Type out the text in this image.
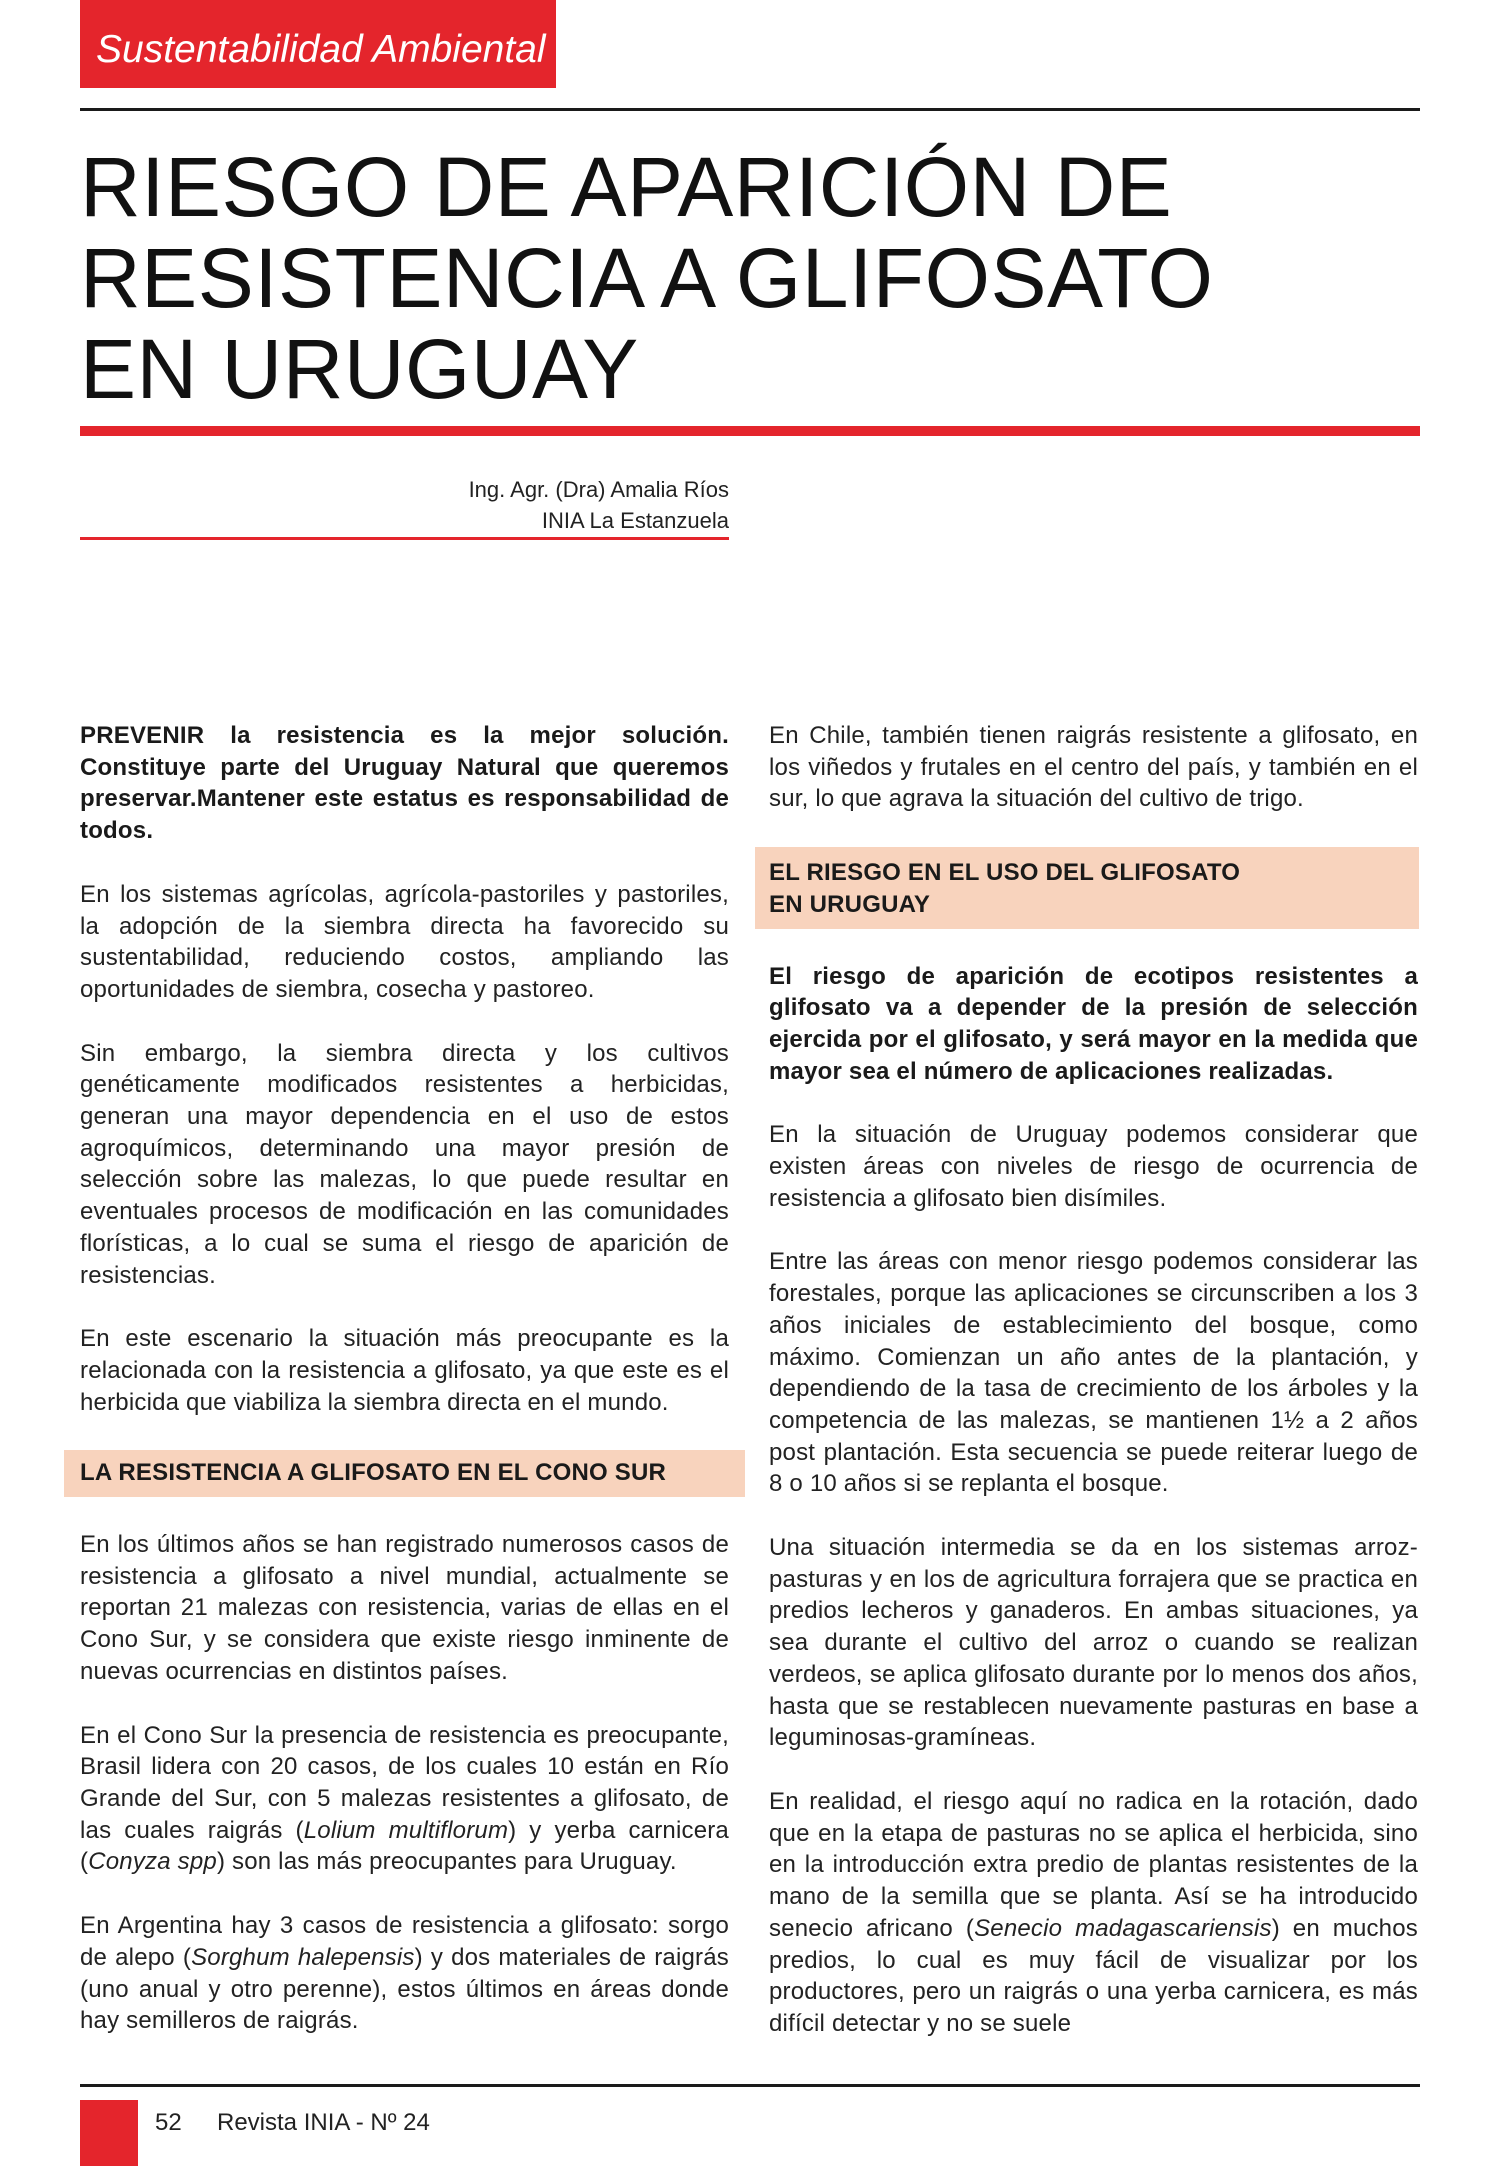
Sustentabilidad Ambiental
RIESGO DE APARICIÓN DE
RESISTENCIA A GLIFOSATO
EN URUGUAY
Ing. Agr. (Dra) Amalia Ríos
INIA La Estanzuela

PREVENIR la resistencia es la mejor solución. Constituye parte del Uruguay Natural que queremos preservar.Mantener este estatus es responsabilidad de todos.

En los sistemas agrícolas, agrícola-pastoriles y pastoriles, la adopción de la siembra directa ha favorecido su sustentabilidad, reduciendo costos, ampliando las oportunidades de siembra, cosecha y pastoreo.

Sin embargo, la siembra directa y los cultivos genéticamente modificados resistentes a herbicidas, generan una mayor dependencia en el uso de estos agroquímicos, determinando una mayor presión de selección sobre las malezas, lo que puede resultar en eventuales procesos de modificación en las comunidades florísticas, a lo cual se suma el riesgo de aparición de resistencias.

En este escenario la situación más preocupante es la relacionada con la resistencia a glifosato, ya que este es el herbicida que viabiliza la siembra directa en el mundo.

LA RESISTENCIA A GLIFOSATO EN EL CONO SUR

En los últimos años se han registrado numerosos casos de resistencia a glifosato a nivel mundial, actualmente se reportan 21 malezas con resistencia, varias de ellas en el Cono Sur, y se considera que existe riesgo inminente de nuevas ocurrencias en distintos países.

En el Cono Sur la presencia de resistencia es preocupante, Brasil lidera con 20 casos, de los cuales 10 están en Río Grande del Sur, con 5 malezas resistentes a glifosato, de las cuales raigrás (Lolium multiflorum) y yerba carnicera (Conyza spp) son las más preocupantes para Uruguay.

En Argentina hay 3 casos de resistencia a glifosato: sorgo de alepo (Sorghum halepensis) y dos materiales de raigrás (uno anual y otro perenne), estos últimos en áreas donde hay semilleros de raigrás.

En Chile, también tienen raigrás resistente a glifosato, en los viñedos y frutales en el centro del país, y también en el sur, lo que agrava la situación del cultivo de trigo.

EL RIESGO EN EL USO DEL GLIFOSATO
EN URUGUAY

El riesgo de aparición de ecotipos resistentes a glifosato va a depender de la presión de selección ejercida por el glifosato, y será mayor en la medida que mayor sea el número de aplicaciones realizadas.

En la situación de Uruguay podemos considerar que existen áreas con niveles de riesgo de ocurrencia de resistencia a glifosato bien disímiles.

Entre las áreas con menor riesgo podemos considerar las forestales, porque las aplicaciones se circunscriben a los 3 años iniciales de establecimiento del bosque, como máximo. Comienzan un año antes de la plantación, y dependiendo de la tasa de crecimiento de los árboles y la competencia de las malezas, se mantienen 1½ a 2 años post plantación. Esta secuencia se puede reiterar luego de 8 o 10 años si se replanta el bosque.

Una situación intermedia se da en los sistemas arroz-pasturas y en los de agricultura forrajera que se practica en predios lecheros y ganaderos. En ambas situaciones, ya sea durante el cultivo del arroz o cuando se realizan verdeos, se aplica glifosato durante por lo menos dos años, hasta que se restablecen nuevamente pasturas en base a leguminosas-gramíneas.

En realidad, el riesgo aquí no radica en la rotación, dado que en la etapa de pasturas no se aplica el herbicida, sino en la introducción extra predio de plantas resistentes de la mano de la semilla que se planta. Así se ha introducido senecio africano (Senecio madagascariensis) en muchos predios, lo cual es muy fácil de visualizar por los productores, pero un raigrás o una yerba carnicera, es más difícil detectar y no se suele

52 Revista INIA - Nº 24
